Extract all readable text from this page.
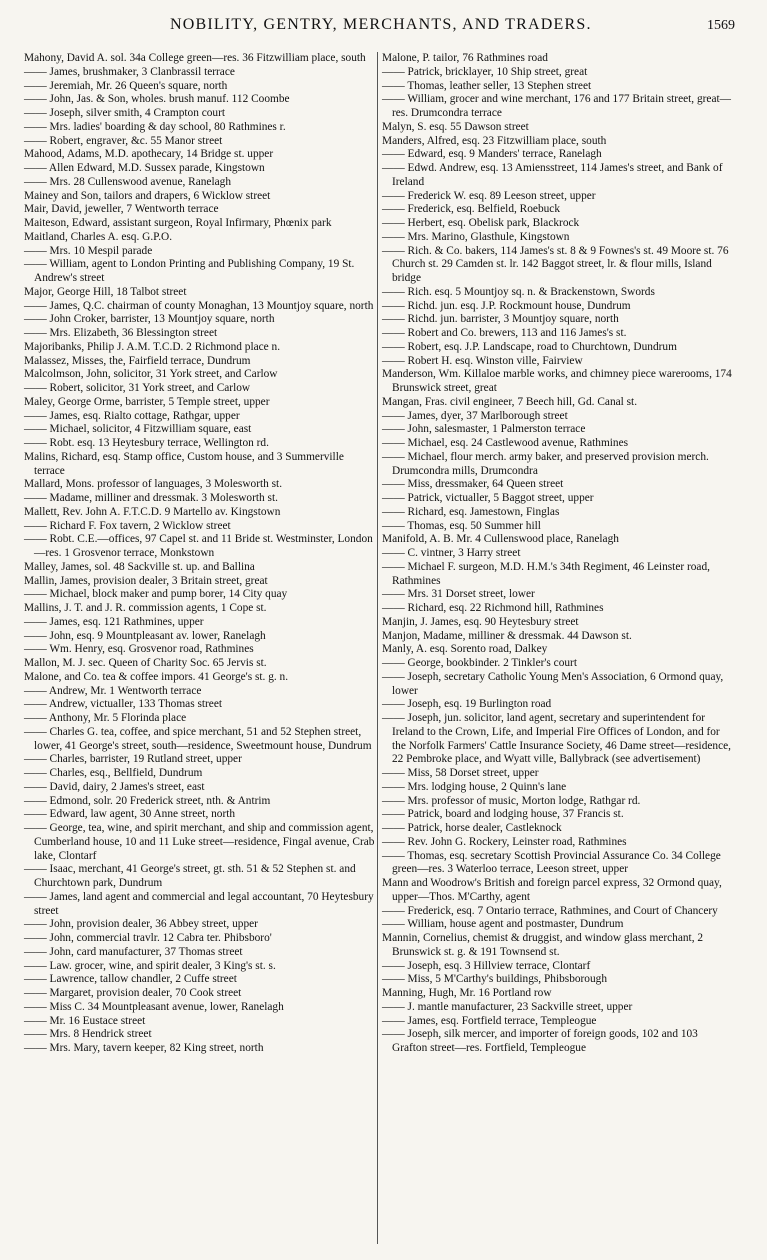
NOBILITY, GENTRY, MERCHANTS, AND TRADERS.	1569
Mahony, David A. sol. 34a College green—res. 36 Fitzwilliam place, south
—— James, brushmaker, 3 Clanbrassil terrace
—— Jeremiah, Mr. 26 Queen's square, north
—— John, Jas. & Son, wholes. brush manuf. 112 Coombe
—— Joseph, silver smith, 4 Crampton court
—— Mrs. ladies' boarding & day school, 80 Rathmines r.
—— Robert, engraver, &c. 55 Manor street
Mahood, Adams, M.D. apothecary, 14 Bridge st. upper
—— Allen Edward, M.D. Sussex parade, Kingstown
—— Mrs. 28 Cullenswood avenue, Ranelagh
Mainey and Son, tailors and drapers, 6 Wicklow street
Mair, David, jeweller, 7 Wentworth terrace
Maiteson, Edward, assistant surgeon, Royal Infirmary, Phœnix park
Maitland, Charles A. esq. G.P.O.
—— Mrs. 10 Mespil parade
—— William, agent to London Printing and Publishing Company, 19 St. Andrew's street
Major, George Hill, 18 Talbot street
—— James, Q.C. chairman of county Monaghan, 13 Mountjoy square, north
—— John Croker, barrister, 13 Mountjoy square, north
—— Mrs. Elizabeth, 36 Blessington street
Majoribanks, Philip J. A.M. T.C.D. 2 Richmond place n.
Malassez, Misses, the, Fairfield terrace, Dundrum
Malcolmson, John, solicitor, 31 York street, and Carlow
—— Robert, solicitor, 31 York street, and Carlow
Maley, George Orme, barrister, 5 Temple street, upper
—— James, esq. Rialto cottage, Rathgar, upper
—— Michael, solicitor, 4 Fitzwilliam square, east
—— Robt. esq. 13 Heytesbury terrace, Wellington rd.
Malins, Richard, esq. Stamp office, Custom house, and 3 Summerville terrace
Mallard, Mons. professor of languages, 3 Molesworth st.
—— Madame, milliner and dressmak. 3 Molesworth st.
Mallett, Rev. John A. F.T.C.D. 9 Martello av. Kingstown
—— Richard F. Fox tavern, 2 Wicklow street
—— Robt. C.E.—offices, 97 Capel st. and 11 Bride st. Westminster, London—res. 1 Grosvenor terrace, Monkstown
Malley, James, sol. 48 Sackville st. up. and Ballina
Mallin, James, provision dealer, 3 Britain street, great
—— Michael, block maker and pump borer, 14 City quay
Mallins, J. T. and J. R. commission agents, 1 Cope st.
—— James, esq. 121 Rathmines, upper
—— John, esq. 9 Mountpleasant av. lower, Ranelagh
—— Wm. Henry, esq. Grosvenor road, Rathmines
Mallon, M. J. sec. Queen of Charity Soc. 65 Jervis st.
Malone, and Co. tea & coffee impors. 41 George's st. g. n.
—— Andrew, Mr. 1 Wentworth terrace
—— Andrew, victualler, 133 Thomas street
—— Anthony, Mr. 5 Florinda place
—— Charles G. tea, coffee, and spice merchant, 51 and 52 Stephen street, lower, 41 George's street, south—residence, Sweetmount house, Dundrum
—— Charles, barrister, 19 Rutland street, upper
—— Charles, esq., Bellfield, Dundrum
—— David, dairy, 2 James's street, east
—— Edmond, solr. 20 Frederick street, nth. & Antrim
—— Edward, law agent, 30 Anne street, north
—— George, tea, wine, and spirit merchant, and ship and commission agent, Cumberland house, 10 and 11 Luke street—residence, Fingal avenue, Crab lake, Clontarf
—— Isaac, merchant, 41 George's street, gt. sth. 51 & 52 Stephen st. and Churchtown park, Dundrum
—— James, land agent and commercial and legal accountant, 70 Heytesbury street
—— John, provision dealer, 36 Abbey street, upper
—— John, commercial travlr. 12 Cabra ter. Phibsboro'
—— John, card manufacturer, 37 Thomas street
—— Law. grocer, wine, and spirit dealer, 3 King's st. s.
—— Lawrence, tallow chandler, 2 Cuffe street
—— Margaret, provision dealer, 70 Cook street
—— Miss C. 34 Mountpleasant avenue, lower, Ranelagh
—— Mr. 16 Eustace street
—— Mrs. 8 Hendrick street
—— Mrs. Mary, tavern keeper, 82 King street, north
Malone, P. tailor, 76 Rathmines road
—— Patrick, bricklayer, 10 Ship street, great
—— Thomas, leather seller, 13 Stephen street
—— William, grocer and wine merchant, 176 and 177 Britain street, great—res. Drumcondra terrace
Malyn, S. esq. 55 Dawson street
Manders, Alfred, esq. 23 Fitzwilliam place, south
—— Edward, esq. 9 Manders' terrace, Ranelagh
—— Edwd. Andrew, esq. 13 Amiensstreet, 114 James's street, and Bank of Ireland
—— Frederick W. esq. 89 Leeson street, upper
—— Frederick, esq. Belfield, Roebuck
—— Herbert, esq. Obelisk park, Blackrock
—— Mrs. Marino, Glasthule, Kingstown
—— Rich. & Co. bakers, 114 James's st. 8 & 9 Fownes's st. 49 Moore st. 76 Church st. 29 Camden st. lr. 142 Baggot street, lr. & flour mills, Island bridge
—— Rich. esq. 5 Mountjoy sq. n. & Brackenstown, Swords
—— Richd. jun. esq. J.P. Rockmount house, Dundrum
—— Richd. jun. barrister, 3 Mountjoy square, north
—— Robert and Co. brewers, 113 and 116 James's st.
—— Robert, esq. J.P. Landscape, road to Churchtown, Dundrum
—— Robert H. esq. Winston ville, Fairview
Manderson, Wm. Killaloe marble works, and chimney piece warerooms, 174 Brunswick street, great
Mangan, Fras. civil engineer, 7 Beech hill, Gd. Canal st.
—— James, dyer, 37 Marlborough street
—— John, salesmaster, 1 Palmerston terrace
—— Michael, esq. 24 Castlewood avenue, Rathmines
—— Michael, flour merch. army baker, and preserved provision merch. Drumcondra mills, Drumcondra
—— Miss, dressmaker, 64 Queen street
—— Patrick, victualler, 5 Baggot street, upper
—— Richard, esq. Jamestown, Finglas
—— Thomas, esq. 50 Summer hill
Manifold, A. B. Mr. 4 Cullenswood place, Ranelagh
—— C. vintner, 3 Harry street
—— Michael F. surgeon, M.D. H.M.'s 34th Regiment, 46 Leinster road, Rathmines
—— Mrs. 31 Dorset street, lower
—— Richard, esq. 22 Richmond hill, Rathmines
Manjin, J. James, esq. 90 Heytesbury street
Manjon, Madame, milliner & dressmak. 44 Dawson st.
Manly, A. esq. Sorento road, Dalkey
—— George, bookbinder. 2 Tinkler's court
—— Joseph, secretary Catholic Young Men's Association, 6 Ormond quay, lower
—— Joseph, esq. 19 Burlington road
—— Joseph, jun. solicitor, land agent, secretary and superintendent for Ireland to the Crown, Life, and Imperial Fire Offices of London, and for the Norfolk Farmers' Cattle Insurance Society, 46 Dame street—residence, 22 Pembroke place, and Wyatt ville, Ballybrack (see advertisement)
—— Miss, 58 Dorset street, upper
—— Mrs. lodging house, 2 Quinn's lane
—— Mrs. professor of music, Morton lodge, Rathgar rd.
—— Patrick, board and lodging house, 37 Francis st.
—— Patrick, horse dealer, Castleknock
—— Rev. John G. Rockery, Leinster road, Rathmines
—— Thomas, esq. secretary Scottish Provincial Assurance Co. 34 College green—res. 3 Waterloo terrace, Leeson street, upper
Mann and Woodrow's British and foreign parcel express, 32 Ormond quay, upper—Thos. M'Carthy, agent
—— Frederick, esq. 7 Ontario terrace, Rathmines, and Court of Chancery
—— William, house agent and postmaster, Dundrum
Mannin, Cornelius, chemist & druggist, and window glass merchant, 2 Brunswick st. g. & 191 Townsend st.
—— Joseph, esq. 3 Hillview terrace, Clontarf
—— Miss, 5 M'Carthy's buildings, Phibsborough
Manning, Hugh, Mr. 16 Portland row
—— J. mantle manufacturer, 23 Sackville street, upper
—— James, esq. Fortfield terrace, Templeogue
—— Joseph, silk mercer, and importer of foreign goods, 102 and 103 Grafton street—res. Fortfield, Templeogue
